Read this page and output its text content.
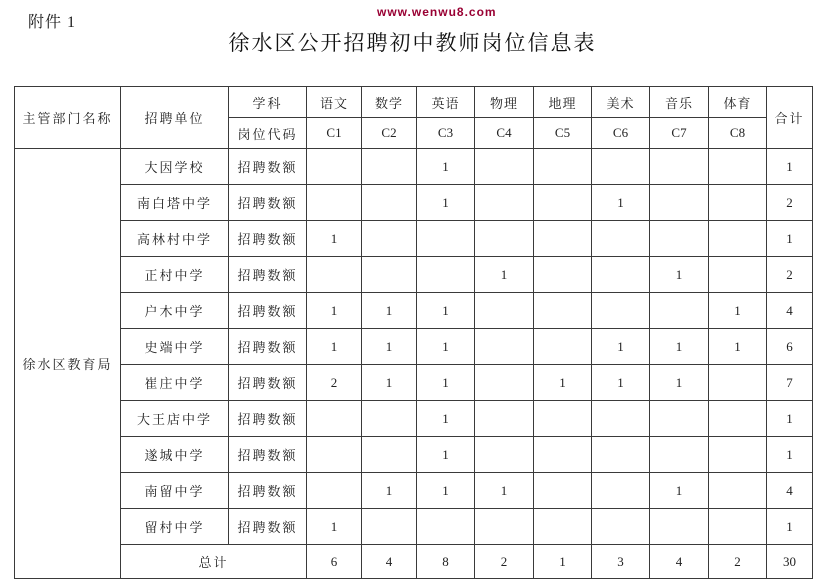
附件 1
www.wenwu8.com
徐水区公开招聘初中教师岗位信息表
主管部门名称	招聘单位	学科	语文	数学	英语	物理	地理	美术	音乐	体育	合计
		岗位代码	C1	C2	C3	C4	C5	C6	C7	C8	
徐水区教育局	大因学校	招聘数额			1						1
	南白塔中学	招聘数额			1			1			2
	高林村中学	招聘数额	1								1
	正村中学	招聘数额				1			1		2
	户木中学	招聘数额	1	1	1					1	4
	史端中学	招聘数额	1	1	1			1	1	1	6
	崔庄中学	招聘数额	2	1	1		1	1	1		7
	大王店中学	招聘数额			1						1
	遂城中学	招聘数额			1						1
	南留中学	招聘数额		1	1	1			1		4
	留村中学	招聘数额	1								1
	总计		6	4	8	2	1	3	4	2	30
